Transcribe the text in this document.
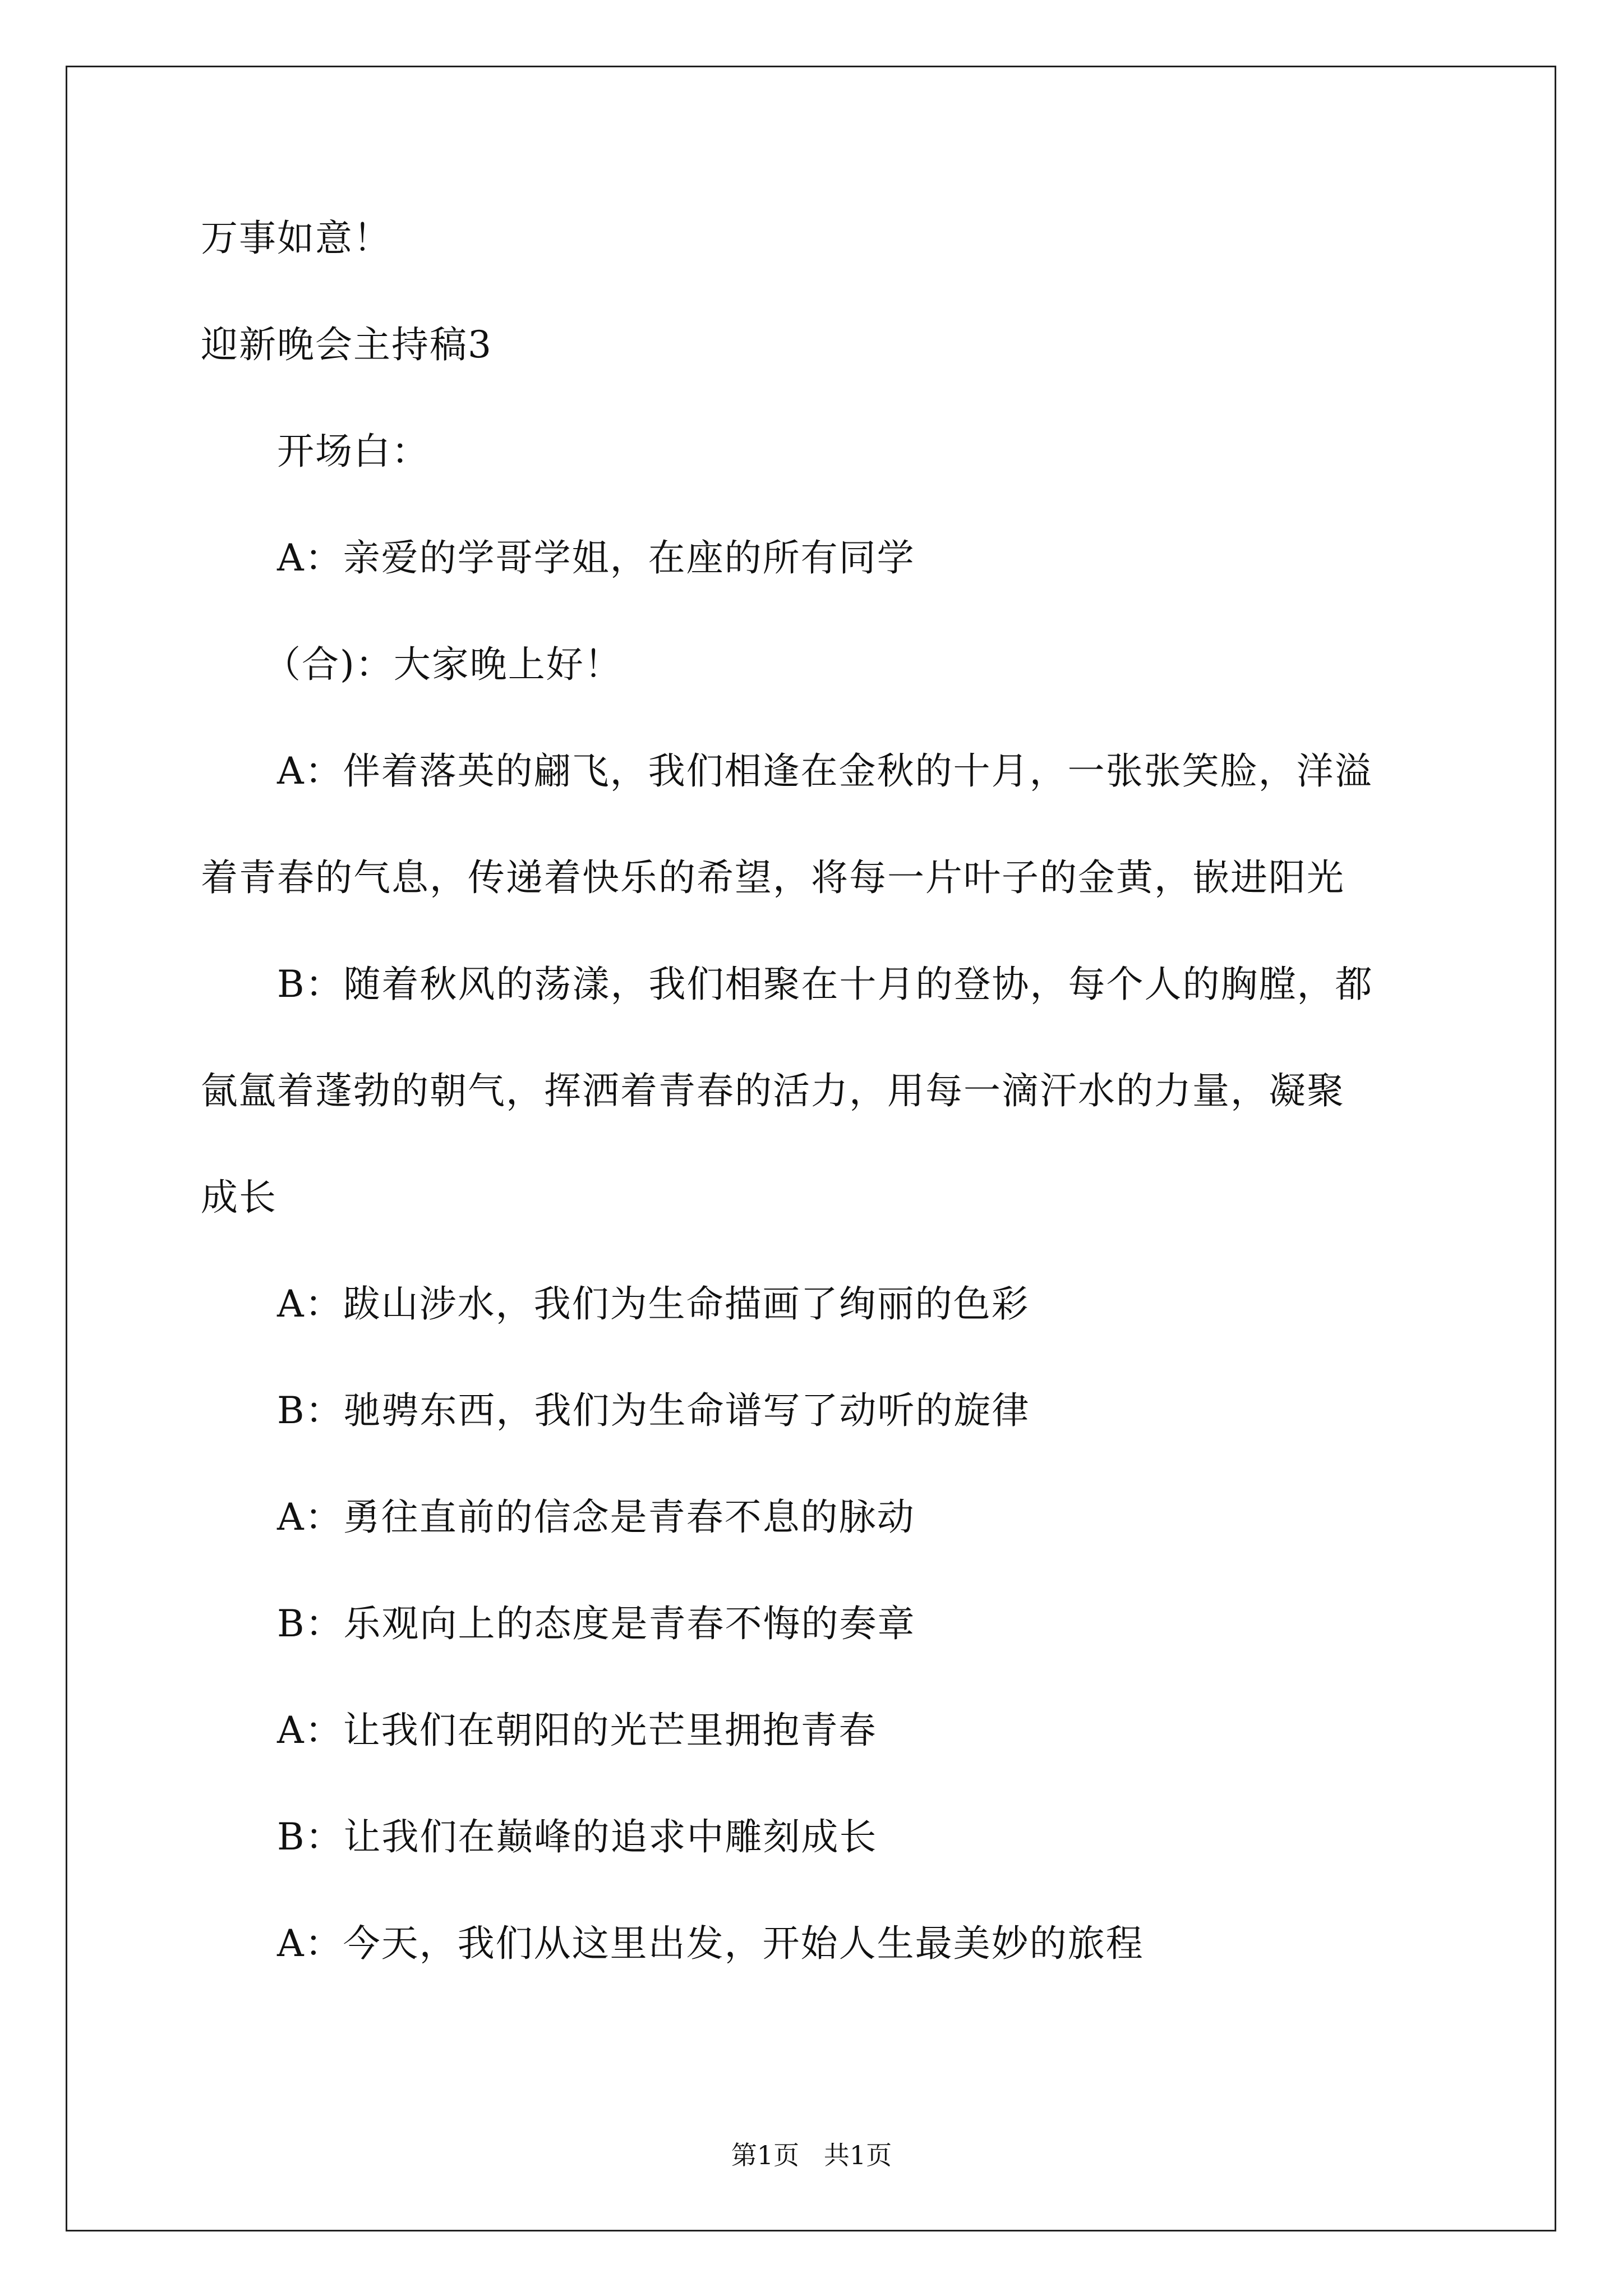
万事如意！
迎新晚会主持稿3
开场白：
A：亲爱的学哥学姐，在座的所有同学
（合)：大家晚上好！
A：伴着落英的翩飞，我们相逢在金秋的十月，一张张笑脸，洋溢
着青春的气息，传递着快乐的希望，将每一片叶子的金黄，嵌进阳光
B：随着秋风的荡漾，我们相聚在十月的登协，每个人的胸膛，都
氤氲着蓬勃的朝气，挥洒着青春的活力，用每一滴汗水的力量，凝聚
成长
A：跋山涉水，我们为生命描画了绚丽的色彩
B：驰骋东西，我们为生命谱写了动听的旋律
A：勇往直前的信念是青春不息的脉动
B：乐观向上的态度是青春不悔的奏章
A：让我们在朝阳的光芒里拥抱青春
B：让我们在巅峰的追求中雕刻成长
A：今天，我们从这里出发，开始人生最美妙的旅程
第1页   共1页
